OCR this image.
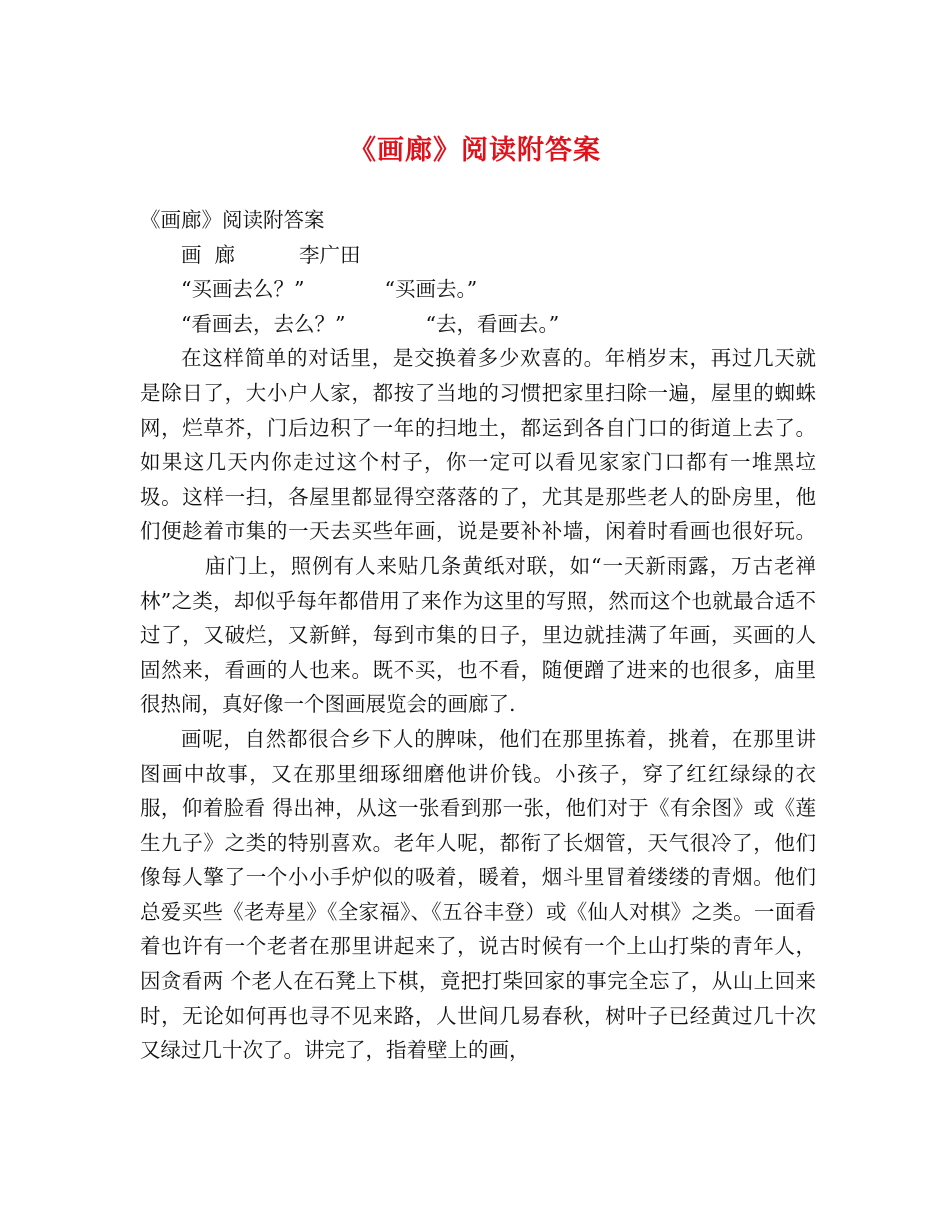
《画廊》阅读附答案
《画廊》阅读附答案
画  廊	李广田
“买画去么？”	“买画去。”
“看画去，去么？”	“去，看画去。”

在这样简单的对话里，是交换着多少欢喜的。年梢岁末，再过几天就是除日了，大小户人家，都按了当地的习惯把家里扫除一遍，屋里的蜘蛛网，烂草芥，门后边积了一年的扫地土，都运到各自门口的街道上去了。如果这几天内你走过这个村子，你一定可以看见家家门口都有一堆黑垃圾。这样一扫，各屋里都显得空落落的了，尤其是那些老人的卧房里，他们便趁着市集的一天去买些年画，说是要补补墙，闲着时看画也很好玩。庙门上，照例有人来贴几条黄纸对联，如“一天新雨露，万古老禅林”之类，却似乎每年都借用了来作为这里的写照，然而这个也就最合适不过了，又破烂，又新鲜，每到市集的日子，里边就挂满了年画，买画的人固然来，看画的人也来。既不买，也不看，随便蹭了进来的也很多，庙里很热闹，真好像一个图画展览会的画廊了.

画呢，自然都很合乡下人的脾味，他们在那里拣着，挑着，在那里讲图画中故事，又在那里细琢细磨他讲价钱。小孩子，穿了红红绿绿的衣服，仰着脸看 得出神，从这一张看到那一张，他们对于《有余图》或《莲生九子》之类的特别喜欢。老年人呢，都衔了长烟管，天气很冷了，他们像每人擎了一个小小手炉似的吸着，暖着，烟斗里冒着缕缕的青烟。他们总爱买些《老寿星》《全家福》、《五谷丰登）或《仙人对棋》之类。一面看着也许有一个老者在那里讲起来了，说古时候有一个上山打柴的青年人，因贪看两 个老人在石凳上下棋，竟把打柴回家的事完全忘了，从山上回来时，无论如何再也寻不见来路，人世间几易春秋，树叶子已经黄过几十次又绿过几十次了。讲完了，指着壁上的画，
